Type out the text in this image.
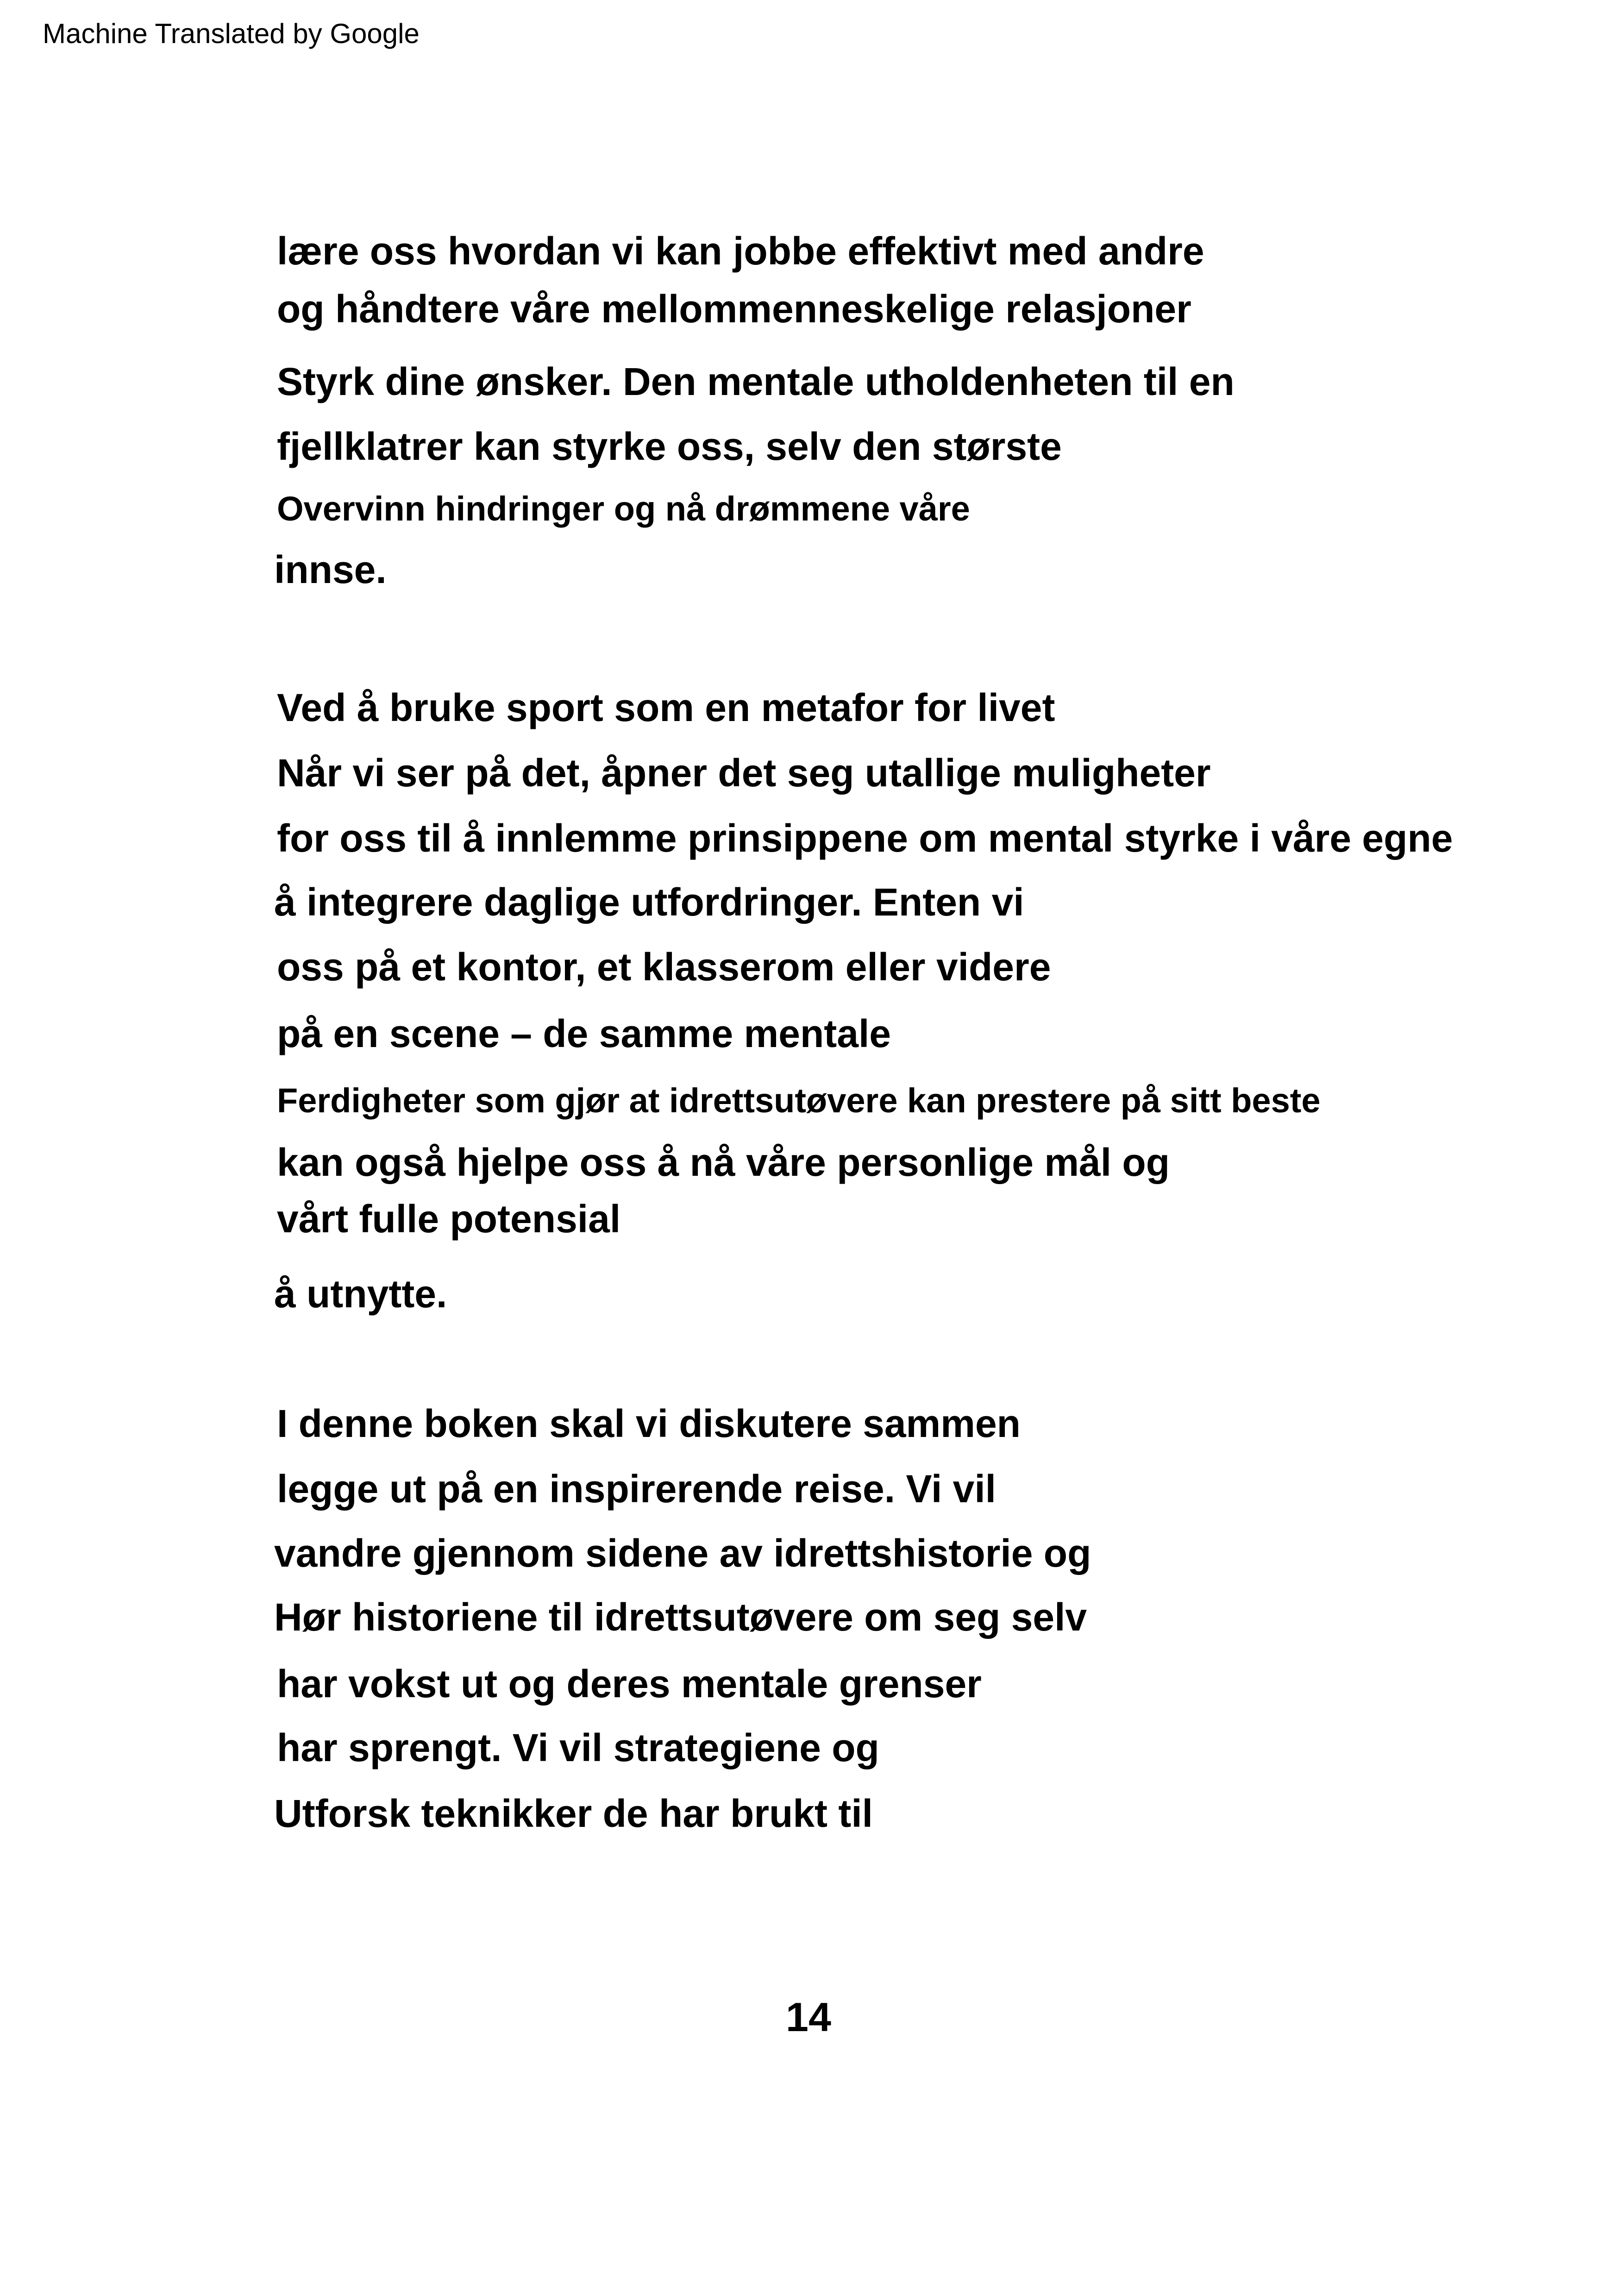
Machine Translated by Google
lære oss hvordan vi kan jobbe effektivt med andre
og håndtere våre mellommenneskelige relasjoner
Styrk dine ønsker. Den mentale utholdenheten til en
fjellklatrer kan styrke oss, selv den største
Overvinn hindringer og nå drømmene våre
innse.
Ved å bruke sport som en metafor for livet
Når vi ser på det, åpner det seg utallige muligheter
for oss til å innlemme prinsippene om mental styrke i våre egne
å integrere daglige utfordringer. Enten vi
oss på et kontor, et klasserom eller videre
på en scene – de samme mentale
Ferdigheter som gjør at idrettsutøvere kan prestere på sitt beste
kan også hjelpe oss å nå våre personlige mål og
vårt fulle potensial
å utnytte.
I denne boken skal vi diskutere sammen
legge ut på en inspirerende reise. Vi vil
vandre gjennom sidene av idrettshistorie og
Hør historiene til idrettsutøvere om seg selv
har vokst ut og deres mentale grenser
har sprengt. Vi vil strategiene og
Utforsk teknikker de har brukt til
14
